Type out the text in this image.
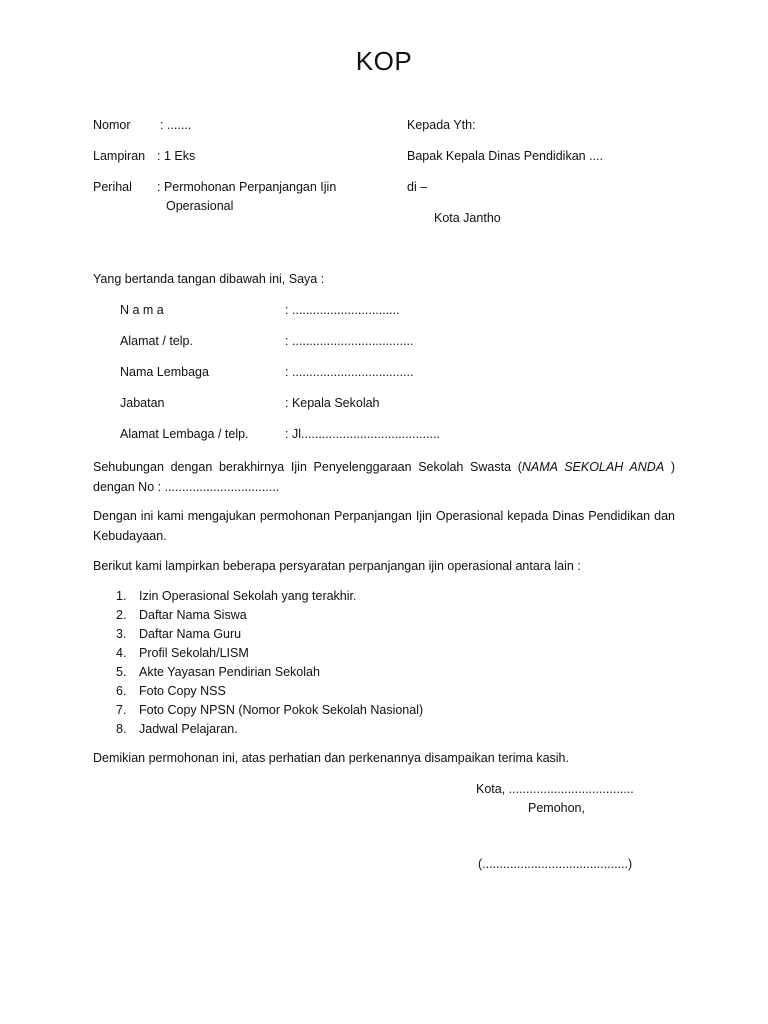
KOP
Nomor : .......
Lampiran : 1 Eks
Perihal : Permohonan Perpanjangan Ijin
Operasional
Kepada Yth:
Bapak Kepala Dinas Pendidikan ....
di –
Kota Jantho
Yang bertanda tangan dibawah ini, Saya :
N a m a	: ...............................
Alamat / telp.	: ...................................
Nama Lembaga	: ...................................
Jabatan	: Kepala Sekolah
Alamat Lembaga / telp.	: Jl........................................
Sehubungan dengan berakhirnya Ijin Penyelenggaraan Sekolah Swasta (NAMA SEKOLAH ANDA ) dengan No : .................................
Dengan ini kami mengajukan permohonan Perpanjangan Ijin Operasional kepada Dinas Pendidikan dan Kebudayaan.
Berikut kami lampirkan beberapa persyaratan perpanjangan ijin operasional antara lain :
1. Izin Operasional Sekolah yang terakhir.
2. Daftar Nama Siswa
3. Daftar Nama Guru
4. Profil Sekolah/LISM
5. Akte Yayasan Pendirian Sekolah
6. Foto Copy NSS
7. Foto Copy NPSN (Nomor Pokok Sekolah Nasional)
8. Jadwal Pelajaran.
Demikian permohonan ini, atas perhatian dan perkenannya disampaikan terima kasih.
Kota, ....................................
Pemohon,
(..........................................)
